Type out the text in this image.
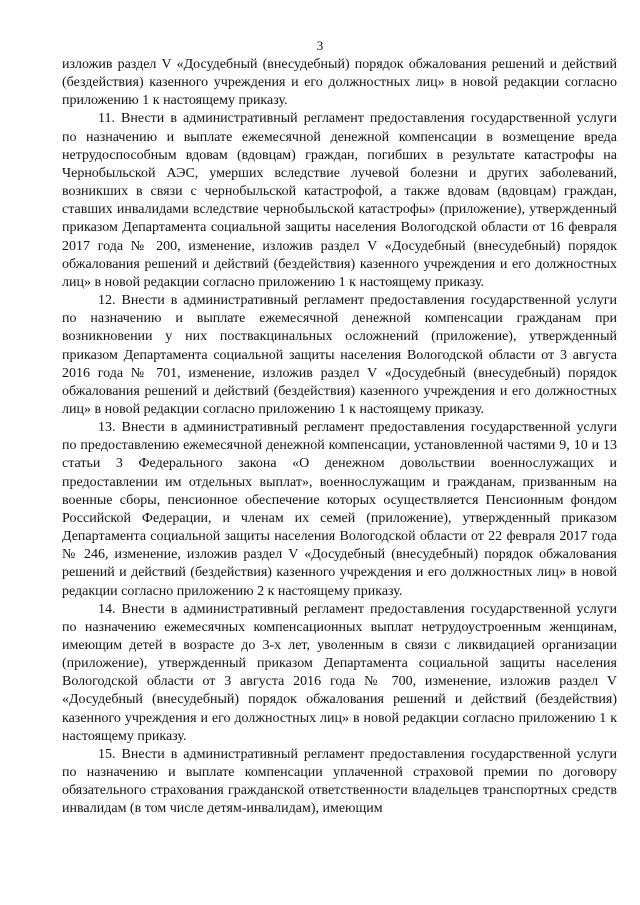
3

изложив раздел V «Досудебный (внесудебный) порядок обжалования решений и действий (бездействия) казенного учреждения и его должностных лиц» в новой редакции согласно приложению 1 к настоящему приказу.

11. Внести в административный регламент предоставления государственной услуги по назначению и выплате ежемесячной денежной компенсации в возмещение вреда нетрудоспособным вдовам (вдовцам) граждан, погибших в результате катастрофы на Чернобыльской АЭС, умерших вследствие лучевой болезни и других заболеваний, возникших в связи с чернобыльской катастрофой, а также вдовам (вдовцам) граждан, ставших инвалидами вследствие чернобыльской катастрофы» (приложение), утвержденный приказом Департамента социальной защиты населения Вологодской области от 16 февраля 2017 года № 200, изменение, изложив раздел V «Досудебный (внесудебный) порядок обжалования решений и действий (бездействия) казенного учреждения и его должностных лиц» в новой редакции согласно приложению 1 к настоящему приказу.

12. Внести в административный регламент предоставления государственной услуги по назначению и выплате ежемесячной денежной компенсации гражданам при возникновении у них поствакцинальных осложнений (приложение), утвержденный приказом Департамента социальной защиты населения Вологодской области от 3 августа 2016 года № 701, изменение, изложив раздел V «Досудебный (внесудебный) порядок обжалования решений и действий (бездействия) казенного учреждения и его должностных лиц» в новой редакции согласно приложению 1 к настоящему приказу.

13. Внести в административный регламент предоставления государственной услуги по предоставлению ежемесячной денежной компенсации, установленной частями 9, 10 и 13 статьи 3 Федерального закона «О денежном довольствии военнослужащих и предоставлении им отдельных выплат», военнослужащим и гражданам, призванным на военные сборы, пенсионное обеспечение которых осуществляется Пенсионным фондом Российской Федерации, и членам их семей (приложение), утвержденный приказом Департамента социальной защиты населения Вологодской области от 22 февраля 2017 года № 246, изменение, изложив раздел V «Досудебный (внесудебный) порядок обжалования решений и действий (бездействия) казенного учреждения и его должностных лиц» в новой редакции согласно приложению 2 к настоящему приказу.

14. Внести в административный регламент предоставления государственной услуги по назначению ежемесячных компенсационных выплат нетрудоустроенным женщинам, имеющим детей в возрасте до 3-х лет, уволенным в связи с ликвидацией организации (приложение), утвержденный приказом Департамента социальной защиты населения Вологодской области от 3 августа 2016 года № 700, изменение, изложив раздел V «Досудебный (внесудебный) порядок обжалования решений и действий (бездействия) казенного учреждения и его должностных лиц» в новой редакции согласно приложению 1 к настоящему приказу.

15. Внести в административный регламент предоставления государственной услуги по назначению и выплате компенсации уплаченной страховой премии по договору обязательного страхования гражданской ответственности владельцев транспортных средств инвалидам (в том числе детям-инвалидам), имеющим
